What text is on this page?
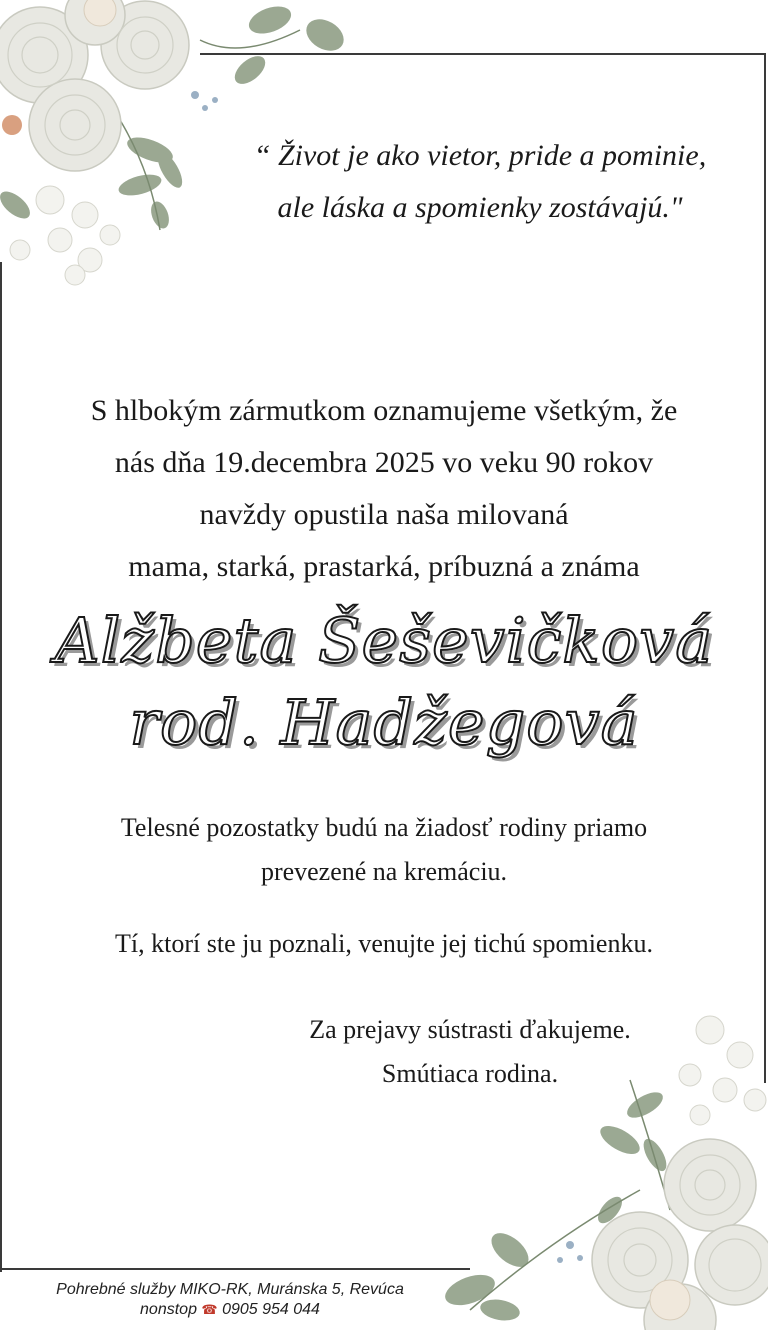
“ Život je ako vietor, pride a pominie,

ale láska a spomienky zostávajú."

S hlbokým zármutkom oznamujeme všetkým, že

nás dňa 19.decembra 2025 vo veku 90 rokov

navždy opustila naša milovaná

mama, starká, prastarká, príbuzná a známa

Alžbeta Šeševičková

rod. Hadžegová

Telesné pozostatky budú na žiadosť rodiny priamo

prevezené na kremáciu.

Tí, ktorí ste ju poznali, venujte jej tichú spomienku.

Za prejavy sústrasti ďakujeme.

Smútiaca rodina.

Pohrebné služby MIKO-RK, Muránska 5, Revúca

nonstop ☎ 0905 954 044
